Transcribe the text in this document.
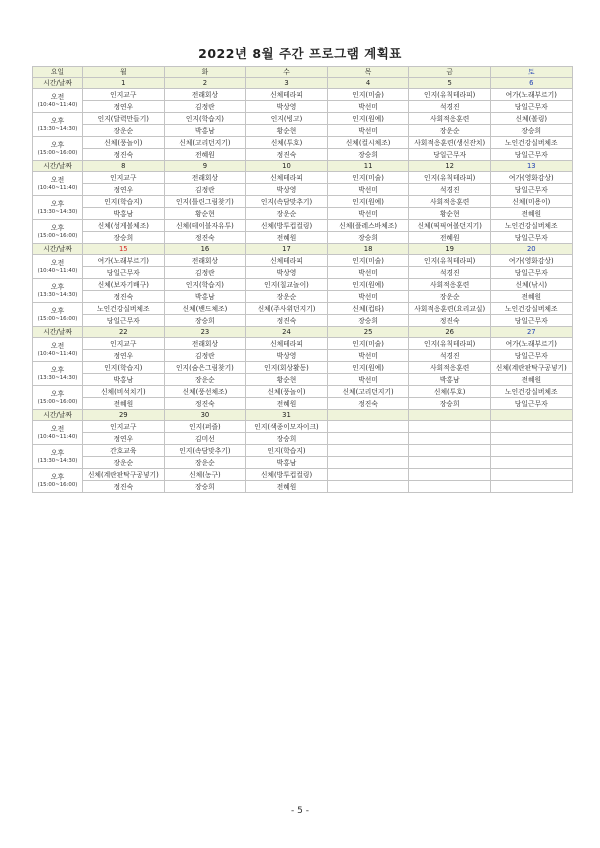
2022년 8월 주간 프로그램 계획표
요일	월	화	수	목	금	토
시간/날짜	1	2	3	4	5	6

오전
(10:40~11:40)	인지교구	전래회상	신체테라피	인지(미술)	인지(유칙테라피)	여가(노래부르기)
	정연우	김정란	박상영	박선미	석경진	당일근무자

오후
(13:30~14:30)	인지(달력만들기)	인지(학습지)	인지(빙고)	인지(원예)	사회적응훈련	신체(볼링)
	장운순	박홍남	황순현	박선미	장운순	장승희

오후
(15:00~16:00)	신체(풍놀이)	신체(고리던지기)	신체(투호)	신체(컬시체조)	사회적응훈련(생신잔치)	노인건강실버체조
	정진숙	전혜원	정진숙	장승희	당일근무자	당일근무자
시간/날짜	8	9	10	11	12	13

오전
(10:40~11:40)	인지교구	전래회상	신체테라피	인지(미술)	인지(유칙테라피)	여가(영화감상)
	정연우	김정란	박상영	박선미	석경진	당일근무자

오후
(13:30~14:30)	인지(학습지)	인지(틀린그림찾기)	인지(속담맞추기)	인지(원예)	사회적응훈련	신체(미용이)
	박홍남	황순현	장운순	박선미	황순현	전혜원

오후
(15:00~16:00)	신체(성게볼체조)	신체(테이블자유투)	신체(방투컵컬링)	신체(플레스바체조)	신체(픽픽여볼던지기)	노인건강실버체조
	장승희	정진숙	전혜원	장승희	전혜원	당일근무자
시간/날짜	15	16	17	18	19	20

오전
(10:40~11:40)	여가(노래부르기)	전래회상	신체테라피	인지(미술)	인지(유칙테라피)	여가(영화감상)
	당일근무자	김정란	박상영	박선미	석경진	당일근무자

오후
(13:30~14:30)	신체(보자기배구)	인지(학습지)	인지(칠교놀이)	인지(원예)	사회적응훈련	신체(낚시)
	정진숙	박홍남	장운순	박선미	장운순	전혜원

오후
(15:00~16:00)	노인건강실버체조	신체(밴드체조)	신체(주사위던지기)	신체(컵타)	사회적응훈련(요리교실)	노인건강실버체조
	당일근무자	장승희	정진숙	장승희	정진숙	당일근무자
시간/날짜	22	23	24	25	26	27

오전
(10:40~11:40)	인지교구	전래회상	신체테라피	인지(미술)	인지(유칙테라피)	여가(노래부르기)
	정연우	김정란	박상영	박선미	석경진	당일근무자

오후
(13:30~14:30)	인지(학습지)	인지(숨은그림찾기)	인지(회상활동)	인지(원예)	사회적응훈련	신체(계란판탁구공넣기)
	박홍남	장운순	황순현	박선미	박홍남	전혜원

오후
(15:00~16:00)	신체(비석치기)	신체(풍선체조)	신체(풍놀이)	신체(고리던지기)	신체(투호)	노인건강실버체조
	전혜원	정진숙	전혜원	정진숙	장승희	당일근무자
시간/날짜	29	30	31			

오전
(10:40~11:40)	인지교구	인지(퍼즐)	인지(색종이모자이크)			
	정연우	김미선	장승희			

오후
(13:30~14:30)	간호교육	인지(속담맞추기)	인지(학습지)			
	장운순	장운순	박홍남			

오후
(15:00~16:00)	신체(계란판탁구공넣기)	신체(농구)	신체(방투컵컬링)			
	정진숙	장승희	전혜원			
- 5 -
